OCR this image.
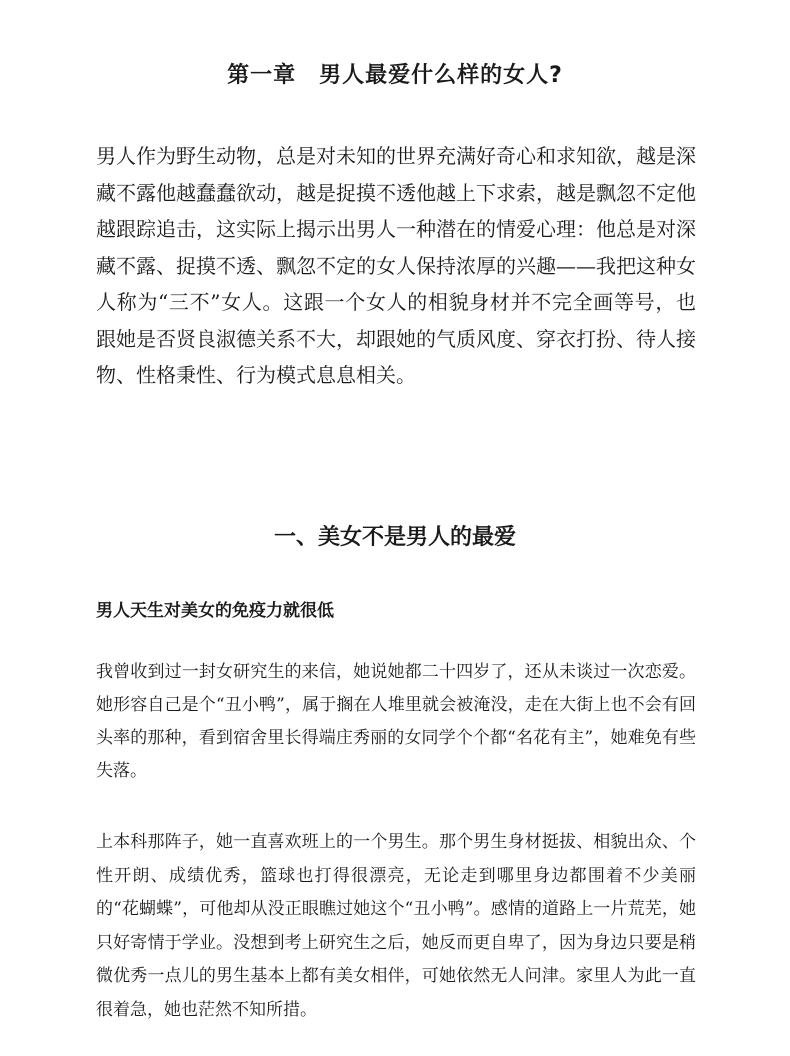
第一章　男人最爱什么样的女人?

男人作为野生动物，总是对未知的世界充满好奇心和求知欲，越是深藏不露他越蠢蠢欲动，越是捉摸不透他越上下求索，越是飘忽不定他越跟踪追击，这实际上揭示出男人一种潜在的情爱心理：他总是对深藏不露、捉摸不透、飘忽不定的女人保持浓厚的兴趣——我把这种女人称为“三不”女人。这跟一个女人的相貌身材并不完全画等号，也跟她是否贤良淑德关系不大，却跟她的气质风度、穿衣打扮、待人接物、性格秉性、行为模式息息相关。

一、美女不是男人的最爱
男人天生对美女的免疫力就很低

我曾收到过一封女研究生的来信，她说她都二十四岁了，还从未谈过一次恋爱。她形容自己是个“丑小鸭”，属于搁在人堆里就会被淹没，走在大街上也不会有回头率的那种，看到宿舍里长得端庄秀丽的女同学个个都“名花有主”，她难免有些失落。

上本科那阵子，她一直喜欢班上的一个男生。那个男生身材挺拔、相貌出众、个性开朗、成绩优秀，篮球也打得很漂亮，无论走到哪里身边都围着不少美丽的“花蝴蝶”，可他却从没正眼瞧过她这个“丑小鸭”。感情的道路上一片荒芜，她只好寄情于学业。没想到考上研究生之后，她反而更自卑了，因为身边只要是稍微优秀一点儿的男生基本上都有美女相伴，可她依然无人问津。家里人为此一直很着急，她也茫然不知所措。
